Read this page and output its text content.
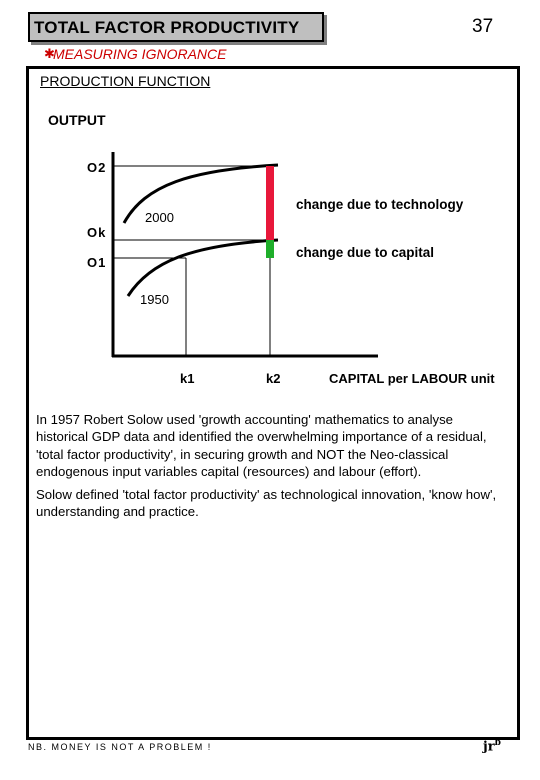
TOTAL FACTOR PRODUCTIVITY	37
✱
MEASURING IGNORANCE
PRODUCTION FUNCTION
OUTPUT
O2
Ok
O1
2000
1950
change due to technology
change due to capital
k1	k2	CAPITAL per LABOUR unit
In 1957 Robert Solow used 'growth accounting' mathematics to analyse historical GDP data and identified the overwhelming importance of a residual, 'total factor productivity', in securing growth and NOT the Neo-classical endogenous input variables capital (resources) and labour (effort).
Solow defined 'total factor productivity' as technological innovation, 'know how', understanding and practice.
NB. MONEY IS NOT A PROBLEM !	$jr^b$
